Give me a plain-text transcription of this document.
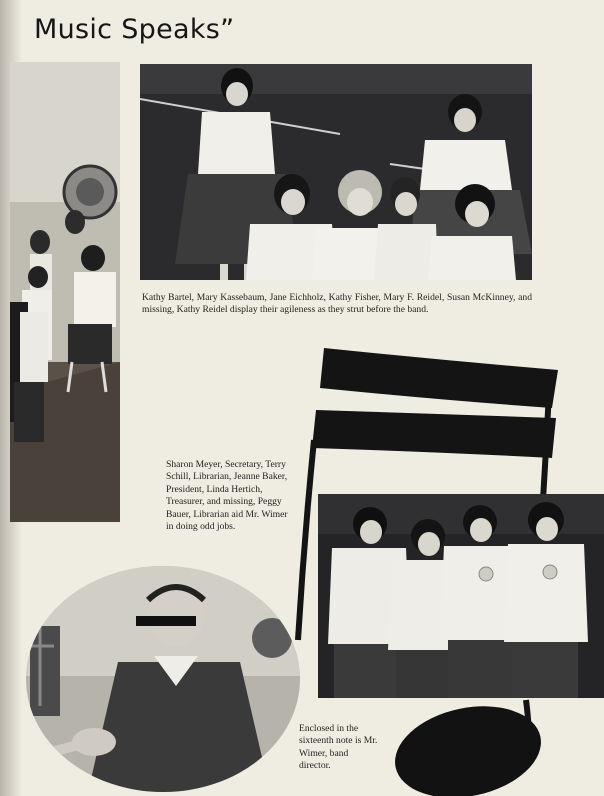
Music Speaks”
Kathy Bartel, Mary Kassebaum, Jane Eichholz, Kathy Fisher, Mary F. Reidel, Susan McKinney, and missing, Kathy Reidel display their agileness as they strut before the band.
Sharon Meyer, Secretary, Terry Schill, Librarian, Jeanne Baker, President, Linda Hertich, Treasurer, and missing, Peggy Bauer, Librarian aid Mr. Wimer in doing odd jobs.
Enclosed in the sixteenth note is Mr. Wimer, band director.
